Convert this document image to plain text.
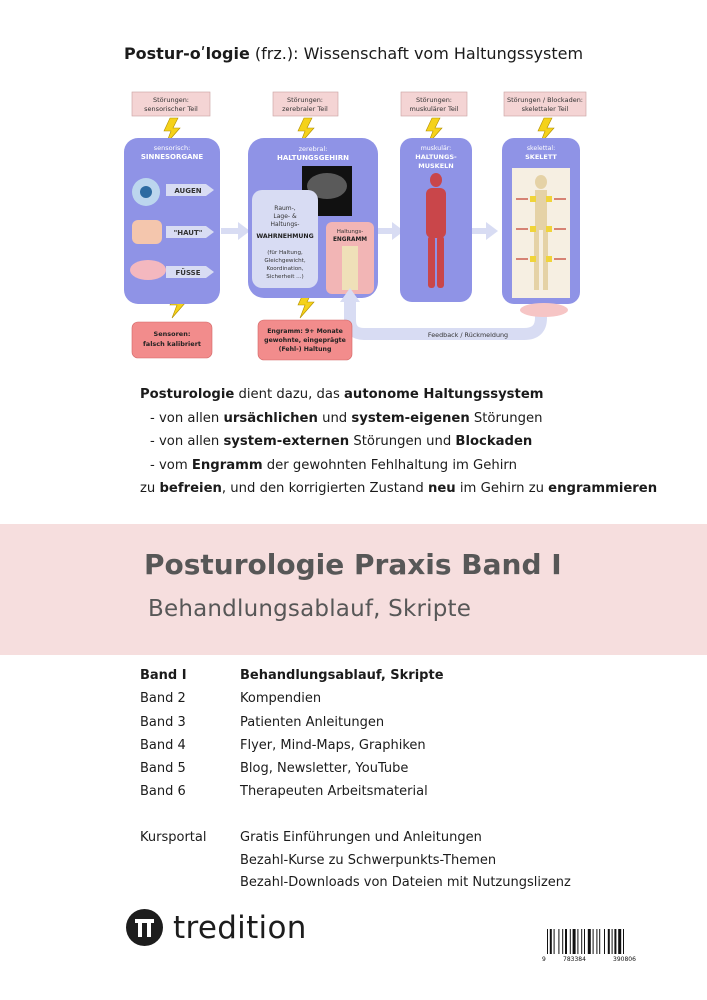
Postur-oʹlogie (frz.): Wissenschaft vom Haltungssystem
Störungen:
sensorischer Teil
Störungen:
zerebraler Teil
Störungen:
muskulärer Teil
Störungen / Blockaden:
skelettaler Teil
sensorisch:
SINNESORGANE
AUGEN
"HAUT"
FÜSSE
zerebral:
HALTUNGSGEHIRN
Raum-,
Lage- &
Haltungs-
WAHRNEHMUNG
(für Haltung,
Gleichgewicht,
Koordination,
Sicherheit ...)
Haltungs-
ENGRAMM
muskulär:
HALTUNGS-
MUSKELN
skelettal:
SKELETT
Feedback / Rückmeldung
Sensoren:
falsch kalibriert
Engramm: 9+ Monate
gewohnte, eingeprägte
(Fehl-) Haltung
Posturologie dient dazu, das autonome Haltungssystem
- von allen ursächlichen und system-eigenen Störungen
- von allen system-externen Störungen und Blockaden
- vom Engramm der gewohnten Fehlhaltung im Gehirn
zu befreien, und den korrigierten Zustand neu im Gehirn zu engrammieren
Posturologie Praxis Band I
Behandlungsablauf, Skripte
Band I	Behandlungsablauf, Skripte
Band 2	Kompendien
Band 3	Patienten Anleitungen
Band 4	Flyer, Mind-Maps, Graphiken
Band 5	Blog, Newsletter, YouTube
Band 6	Therapeuten Arbeitsmaterial
Kursportal	Gratis Einführungen und Anleitungen
Bezahl-Kurse zu Schwerpunkts-Themen
Bezahl-Downloads von Dateien mit Nutzungslizenz
tredition
9	783384	390806
